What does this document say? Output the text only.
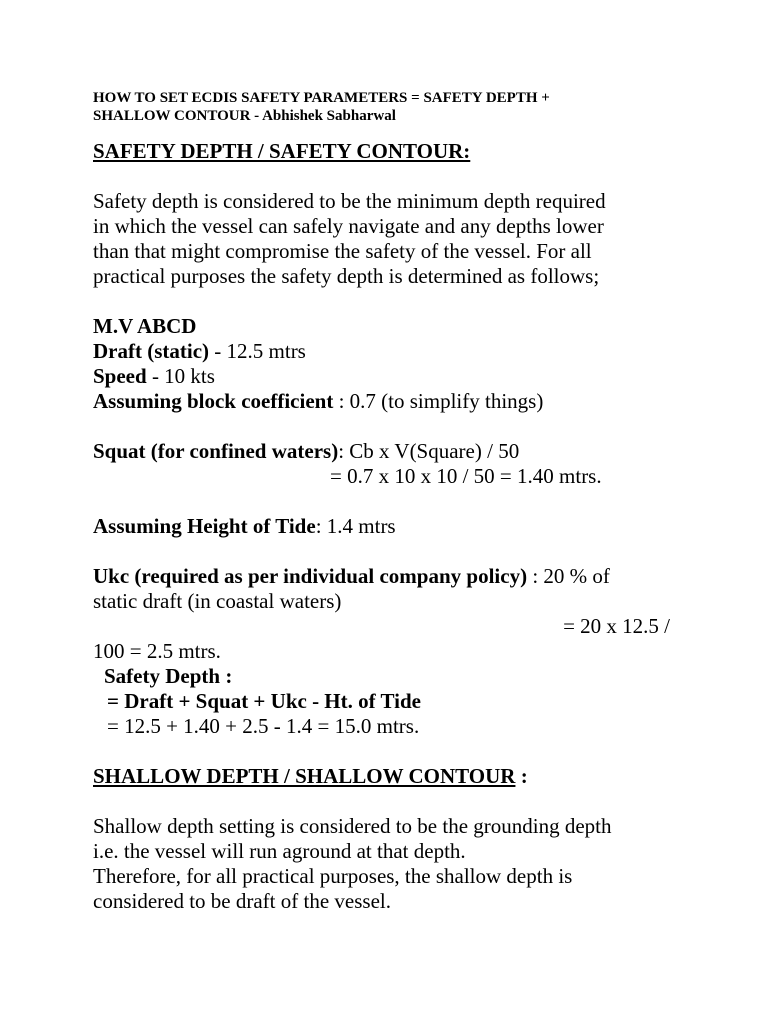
HOW TO SET ECDIS SAFETY PARAMETERS = SAFETY DEPTH +

SHALLOW CONTOUR - Abhishek Sabharwal

SAFETY DEPTH / SAFETY CONTOUR:

Safety depth is considered to be the minimum depth required

in which the vessel can safely navigate and any depths lower

than that might compromise the safety of the vessel. For all

practical purposes the safety depth is determined as follows;

M.V ABCD

Draft (static) - 12.5 mtrs

Speed - 10 kts

Assuming block coefficient : 0.7 (to simplify things)

Squat (for confined waters): Cb x V(Square) / 50

= 0.7 x 10 x 10 / 50 = 1.40 mtrs.

Assuming Height of Tide: 1.4 mtrs

Ukc (required as per individual company policy) : 20 % of

static draft (in coastal waters)

= 20 x 12.5 /

100 = 2.5 mtrs.

Safety Depth :

= Draft + Squat + Ukc - Ht. of Tide

= 12.5 + 1.40 + 2.5 - 1.4 = 15.0 mtrs.

SHALLOW DEPTH / SHALLOW CONTOUR :

Shallow depth setting is considered to be the grounding depth

i.e. the vessel will run aground at that depth.

Therefore, for all practical purposes, the shallow depth is

considered to be draft of the vessel.
